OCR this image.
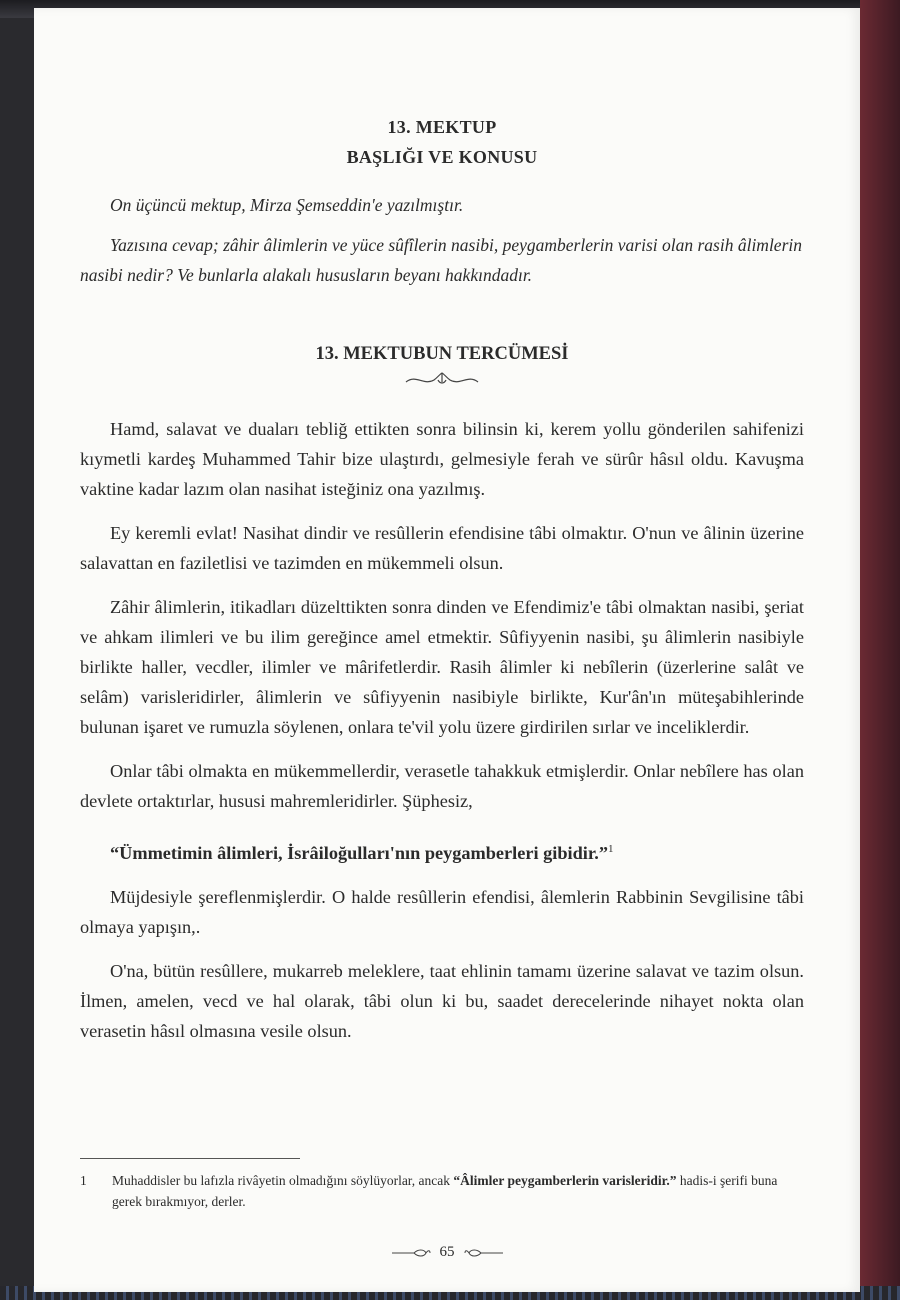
13. MEKTUP

BAŞLIĞI VE KONUSU

On üçüncü mektup, Mirza Şemseddin'e yazılmıştır.

Yazısına cevap; zâhir âlimlerin ve yüce sûfîlerin nasibi, peygamberlerin varisi olan rasih âlimlerin nasibi nedir? Ve bunlarla alakalı hususların beyanı hakkındadır.

13. MEKTUBUN TERCÜMESİ

Hamd, salavat ve duaları tebliğ ettikten sonra bilinsin ki, kerem yollu gönderilen sahifenizi kıymetli kardeş Muhammed Tahir bize ulaştırdı, gelmesiyle ferah ve sürûr hâsıl oldu. Kavuşma vaktine kadar lazım olan nasihat isteğiniz ona yazılmış.

Ey keremli evlat! Nasihat dindir ve resûllerin efendisine tâbi olmaktır. O'nun ve âlinin üzerine salavattan en faziletlisi ve tazimden en mükemmeli olsun.

Zâhir âlimlerin, itikadları düzelttikten sonra dinden ve Efendimiz'e tâbi olmaktan nasibi, şeriat ve ahkam ilimleri ve bu ilim gereğince amel etmektir. Sûfiyyenin nasibi, şu âlimlerin nasibiyle birlikte haller, vecdler, ilimler ve mârifetlerdir. Rasih âlimler ki nebîlerin (üzerlerine salât ve selâm) varisleridirler, âlimlerin ve sûfiyyenin nasibiyle birlikte, Kur'ân'ın müteşabihlerinde bulunan işaret ve rumuzla söylenen, onlara te'vil yolu üzere girdirilen sırlar ve inceliklerdir.

Onlar tâbi olmakta en mükemmellerdir, verasetle tahakkuk etmişlerdir. Onlar nebîlere has olan devlete ortaktırlar, hususi mahremleridirler. Şüphesiz,

“Ümmetimin âlimleri, İsrâiloğulları'nın peygamberleri gibidir.”$^1$

Müjdesiyle şereflenmişlerdir. O halde resûllerin efendisi, âlemlerin Rabbinin Sevgilisine tâbi olmaya yapışın,.

O'na, bütün resûllere, mukarreb meleklere, taat ehlinin tamamı üzerine salavat ve tazim olsun. İlmen, amelen, vecd ve hal olarak, tâbi olun ki bu, saadet derecelerinde nihayet nokta olan verasetin hâsıl olmasına vesile olsun.

1	Muhaddisler bu lafızla rivâyetin olmadığını söylüyorlar, ancak “Âlimler peygamberlerin varisleridir.” hadis-i şerifi buna gerek bırakmıyor, derler.
65
